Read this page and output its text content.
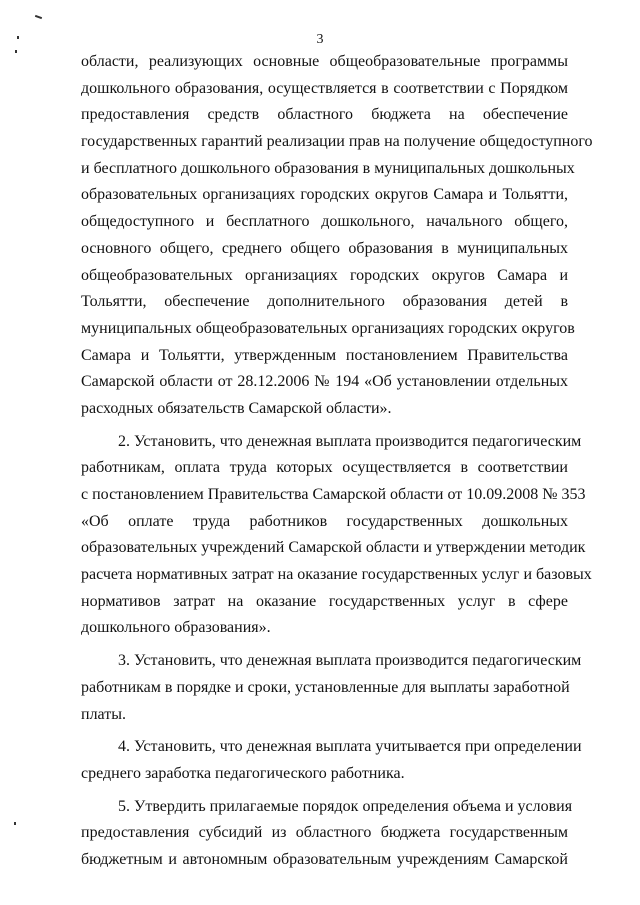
3
области, реализующих основные общеобразовательные программы
дошкольного образования, осуществляется в соответствии с Порядком
предоставления средств областного бюджета на обеспечение
государственных гарантий реализации прав на получение общедоступного
и бесплатного дошкольного образования в муниципальных дошкольных
образовательных организациях городских округов Самара и Тольятти,
общедоступного и бесплатного дошкольного, начального общего,
основного общего, среднего общего образования в муниципальных
общеобразовательных организациях городских округов Самара и
Тольятти, обеспечение дополнительного образования детей в
муниципальных общеобразовательных организациях городских округов
Самара и Тольятти, утвержденным постановлением Правительства
Самарской области от 28.12.2006 № 194 «Об установлении отдельных
расходных обязательств Самарской области».
2. Установить, что денежная выплата производится педагогическим
работникам, оплата труда которых осуществляется в соответствии
с постановлением Правительства Самарской области от 10.09.2008 № 353
«Об оплате труда работников государственных дошкольных
образовательных учреждений Самарской области и утверждении методик
расчета нормативных затрат на оказание государственных услуг и базовых
нормативов затрат на оказание государственных услуг в сфере
дошкольного образования».
3. Установить, что денежная выплата производится педагогическим
работникам в порядке и сроки, установленные для выплаты заработной
платы.
4. Установить, что денежная выплата учитывается при определении
среднего заработка педагогического работника.
5. Утвердить прилагаемые порядок определения объема и условия
предоставления субсидий из областного бюджета государственным
бюджетным и автономным образовательным учреждениям Самарской
